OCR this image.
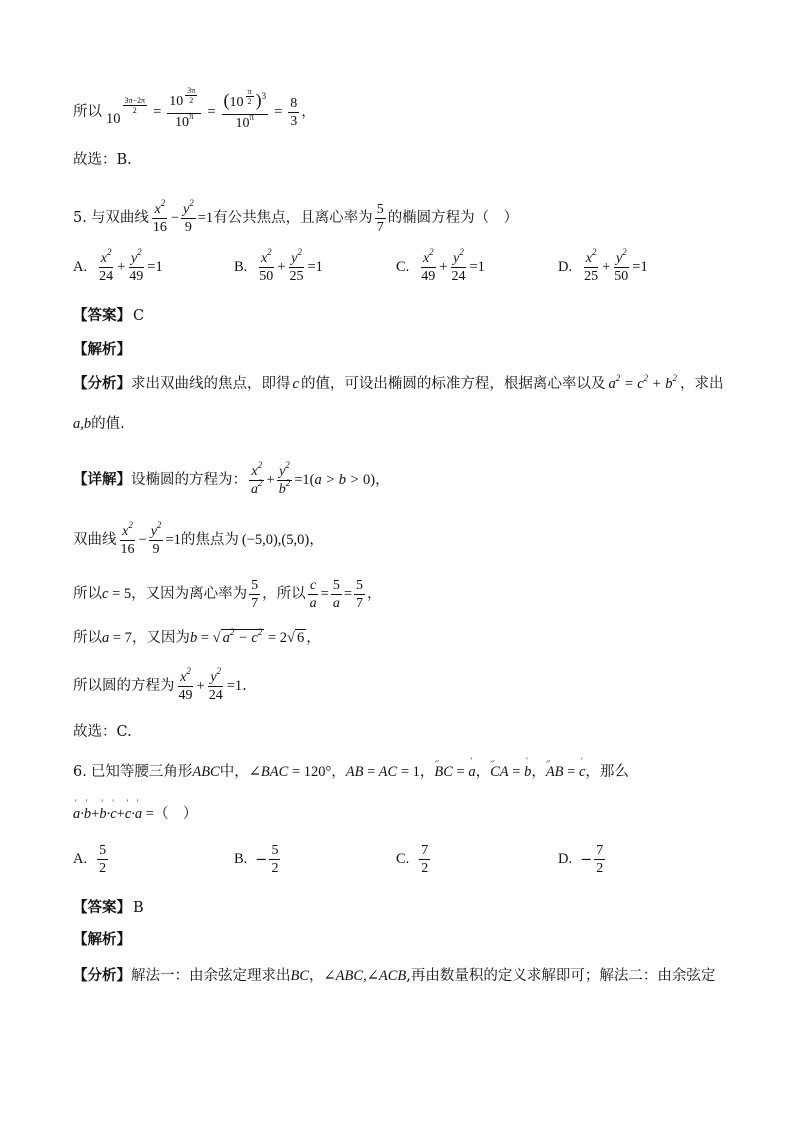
所以 10
$^{\frac{3\pi-2\pi}{2}}$ = 10 $^{\frac{3\pi}{2}}$
$10^\pi = (10$ $^{\frac{\pi}{2}}$ )$^3$
$10^\pi = \frac{8}{3}$ ，
故选：B.
5. 与双曲线 $\frac{x^2}{16} - \frac{y^2}{9} =1$ 有公共焦点，且离心率为 $\frac{5}{7}$ 的椭圆方程为（　）
A. $\frac{x^2}{24} + \frac{y^2}{49} =1$	B. $\frac{x^2}{50} + \frac{y^2}{25} =1$	C. $\frac{x^2}{49} + \frac{y^2}{24} =1$	D. $\frac{x^2}{25} + \frac{y^2}{50} =1$
【答案】 C
【解析】
【分析】 求出双曲线的焦点，即得 c 的值，可设出椭圆的标准方程，根据离心率以及 $a^2 = c^2 + b^2$ ，求出
a,b 的值.
【详解】 设椭圆的方程为： $\frac{x^2}{a^2} + \frac{y^2}{b^2} =1(a > b > 0)$ ，
双曲线 $\frac{x^2}{16} - \frac{y^2}{9} =1$ 的焦点为 (−5,0),(5,0) ，
所以 c = 5 ，又因为离心率为 $\frac{5}{7}$ ，所以 $\frac{c}{a} = \frac{5}{a} = \frac{5}{7}$ ，
所以 a = 7 ，又因为 b = √ $a^2 - c^2 = 2√$ 6 ，
所以圆的方程为 $\frac{x^2}{49} + \frac{y^2}{24} =1$ .
故选：C.
6. 已知等腰三角形 ABC 中， ∠BAC = 120° ， AB = AC = 1 ， ᐟᐟ BC = ' a ， ᐟᐟ CA = ' b ， ᐟᐟ AB = ' c ，那么
' a·' b+' b·' c+' c·' a = （　）
A. $\frac{5}{2}$	B. − $\frac{5}{2}$	C. $\frac{7}{2}$	D. − $\frac{7}{2}$
【答案】 B
【解析】
【分析】 解法一：由余弦定理求出 BC ， ∠ABC,∠ACB ,再由数量积的定义求解即可；解法二：由余弦定
